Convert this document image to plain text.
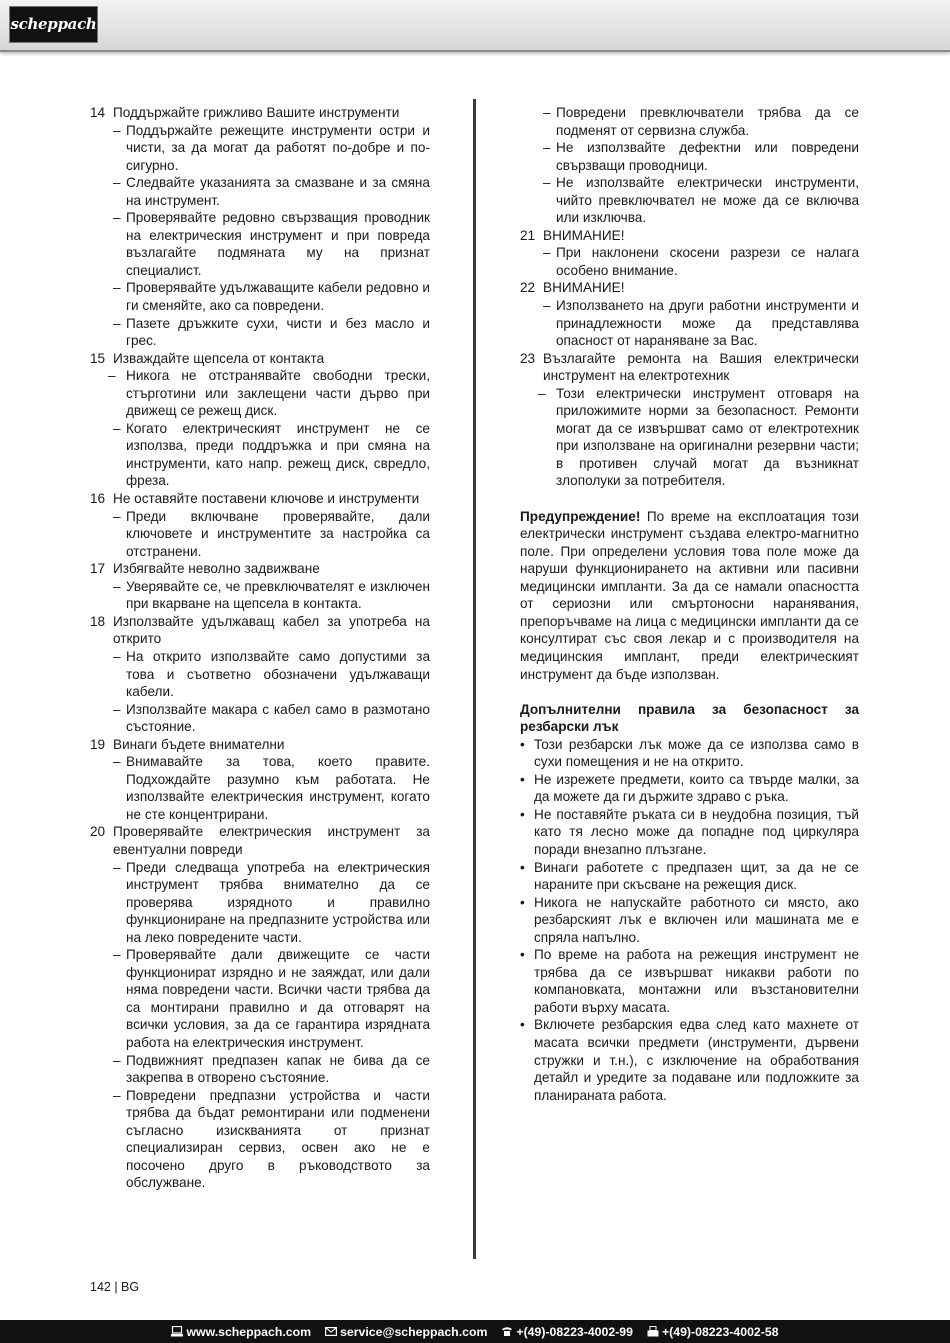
scheppach
14 Поддържайте грижливо Вашите инструменти
– Поддържайте режещите инструменти остри и чисти, за да могат да работят по-добре и по-сигурно.
– Следвайте указанията за смазване и за смяна на инструмент.
– Проверявайте редовно свързващия проводник на електрическия инструмент и при повреда възлагайте подмяната му на признат специалист.
– Проверявайте удължаващите кабели редовно и ги сменяйте, ако са повредени.
– Пазете дръжките сухи, чисти и без масло и грес.
15 Изваждайте щепсела от контакта
– Никога не отстранявайте свободни трески, стърготини или заклещени части дърво при движещ се режещ диск.
– Когато електрическият инструмент не се използва, преди поддръжка и при смяна на инструменти, като напр. режещ диск, свредло, фреза.
16 Не оставяйте поставени ключове и инструменти
– Преди включване проверявайте, дали ключовете и инструментите за настройка са отстранени.
17 Избягвайте неволно задвижване
– Уверявайте се, че превключвателят е изключен при вкарване на щепсела в контакта.
18 Използвайте удължаващ кабел за употреба на открито
– На открито използвайте само допустими за това и съответно обозначени удължаващи кабели.
– Използвайте макара с кабел само в размотано състояние.
19 Винаги бъдете внимателни
– Внимавайте за това, което правите. Подхождайте разумно към работата. Не използвайте електрическия инструмент, когато не сте концентрирани.
20 Проверявайте електрическия инструмент за евентуални повреди
– Преди следваща употреба на електрическия инструмент трябва внимателно да се проверява изрядното и правилно функциониране на предпазните устройства или на леко повредените части.
– Проверявайте дали движещите се части функционират изрядно и не заяждат, или дали няма повредени части. Всички части трябва да са монтирани правилно и да отговарят на всички условия, за да се гарантира изрядната работа на електрическия инструмент.
– Подвижният предпазен капак не бива да се закрепва в отворено състояние.
– Повредени предпазни устройства и части трябва да бъдат ремонтирани или подменени съгласно изискванията от признат специализиран сервиз, освен ако не е посочено друго в ръководството за обслужване.
– Повредени превключватели трябва да се подменят от сервизна служба.
– Не използвайте дефектни или повредени свързващи проводници.
– Не използвайте електрически инструменти, чийто превключвател не може да се включва или изключва.
21 ВНИМАНИЕ!
– При наклонени скосени разрези се налага особено внимание.
22 ВНИМАНИЕ!
– Използването на други работни инструменти и принадлежности може да представлява опасност от нараняване за Вас.
23 Възлагайте ремонта на Вашия електрически инструмент на електротехник
– Този електрически инструмент отговаря на приложимите норми за безопасност. Ремонти могат да се извършват само от електротехник при използване на оригинални резервни части; в противен случай могат да възникнат злополуки за потребителя.
Предупреждение! По време на експлоатация този електрически инструмент създава електро-магнитно поле. При определени условия това поле може да наруши функционирането на активни или пасивни медицински импланти. За да се намали опасността от сериозни или смъртоносни наранявания, препоръчваме на лица с медицински импланти да се консултират със своя лекар и с производителя на медицинския имплант, преди електрическият инструмент да бъде използван.
Допълнителни правила за безопасност за резбарски лък
• Този резбарски лък може да се използва само в сухи помещения и не на открито.
• Не изрежете предмети, които са твърде малки, за да можете да ги държите здраво с ръка.
• Не поставяйте ръката си в неудобна позиция, тъй като тя лесно може да попадне под циркуляра поради внезапно плъзгане.
• Винаги работете с предпазен щит, за да не се нараните при скъсване на режещия диск.
• Никога не напускайте работното си място, ако резбарският лък е включен или машината ме е спряла напълно.
• По време на работа на режещия инструмент не трябва да се извършват никакви работи по компановката, монтажни или възстановителни работи върху масата.
• Включете резбарския едва след като махнете от масата всички предмети (инструменти, дървени стружки и т.н.), с изключение на обработвания детайл и уредите за подаване или подложките за планираната работа.
142 | BG
www.scheppach.com service@scheppach.com +(49)-08223-4002-99 +(49)-08223-4002-58
